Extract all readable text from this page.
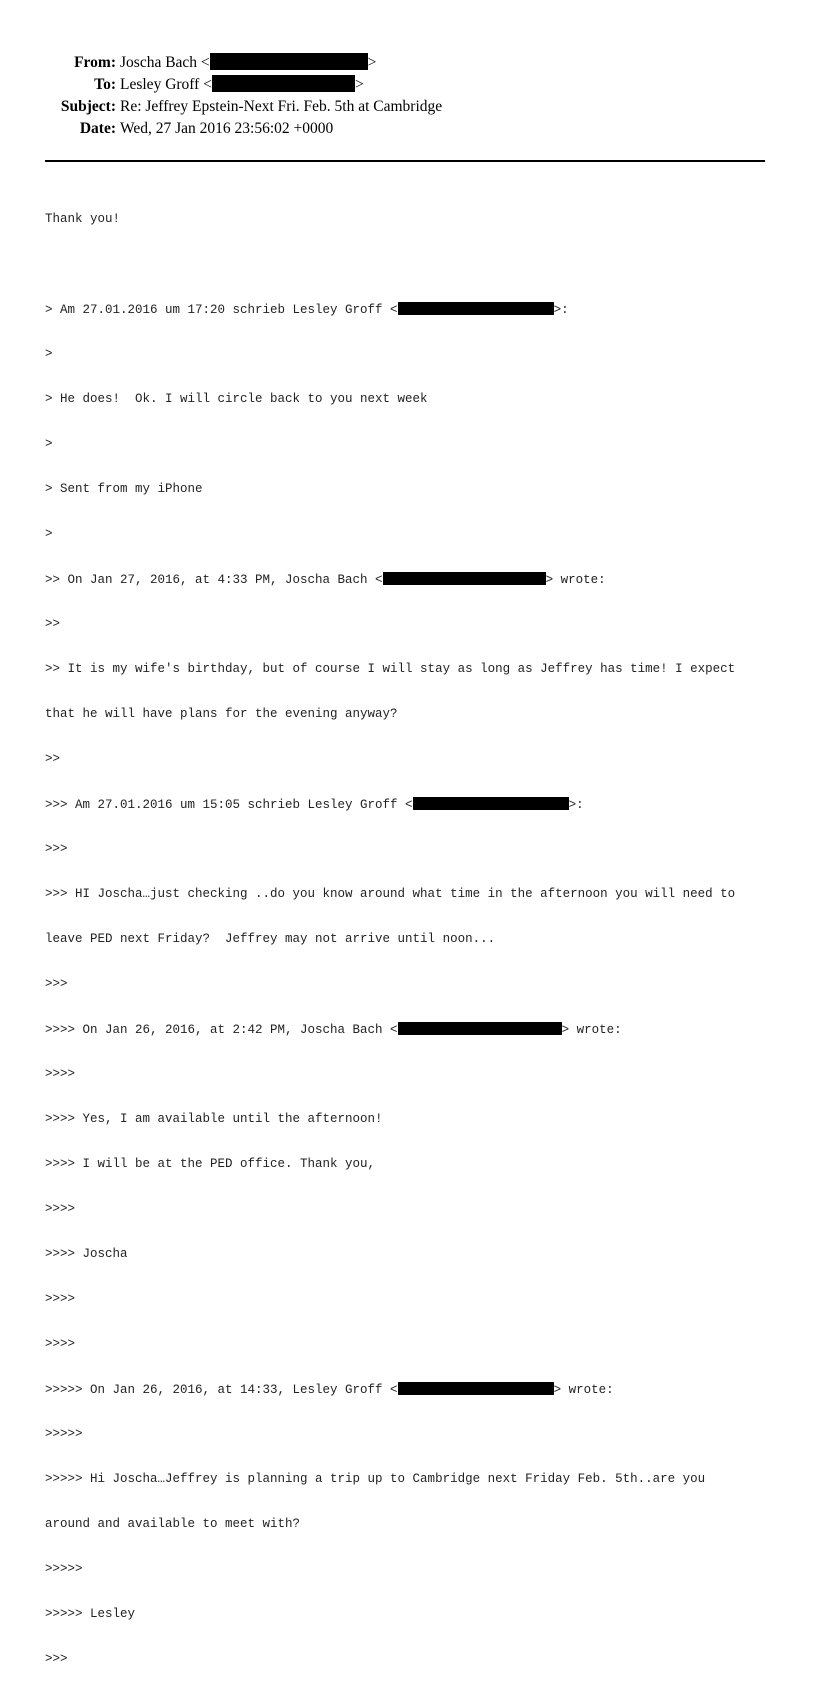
From: Joscha Bach <	>
To: Lesley Groff <	>
Subject: Re: Jeffrey Epstein-Next Fri. Feb. 5th at Cambridge
Date: Wed, 27 Jan 2016 23:56:02 +0000

Thank you!

> Am 27.01.2016 um 17:20 schrieb Lesley Groff <	>:

>

> He does!  Ok. I will circle back to you next week

>

> Sent from my iPhone

>

>> On Jan 27, 2016, at 4:33 PM, Joscha Bach <	> wrote:

>>

>> It is my wife's birthday, but of course I will stay as long as Jeffrey has time! I expect

that he will have plans for the evening anyway?

>>

>>> Am 27.01.2016 um 15:05 schrieb Lesley Groff <	>:

>>>

>>> HI Joscha…just checking ..do you know around what time in the afternoon you will need to

leave PED next Friday?  Jeffrey may not arrive until noon...

>>>

>>>> On Jan 26, 2016, at 2:42 PM, Joscha Bach <	> wrote:

>>>>

>>>> Yes, I am available until the afternoon!

>>>> I will be at the PED office. Thank you,

>>>>

>>>> Joscha

>>>>

>>>>

>>>>> On Jan 26, 2016, at 14:33, Lesley Groff <	> wrote:

>>>>>

>>>>> Hi Joscha…Jeffrey is planning a trip up to Cambridge next Friday Feb. 5th..are you

around and available to meet with?

>>>>>

>>>>> Lesley

>>>
